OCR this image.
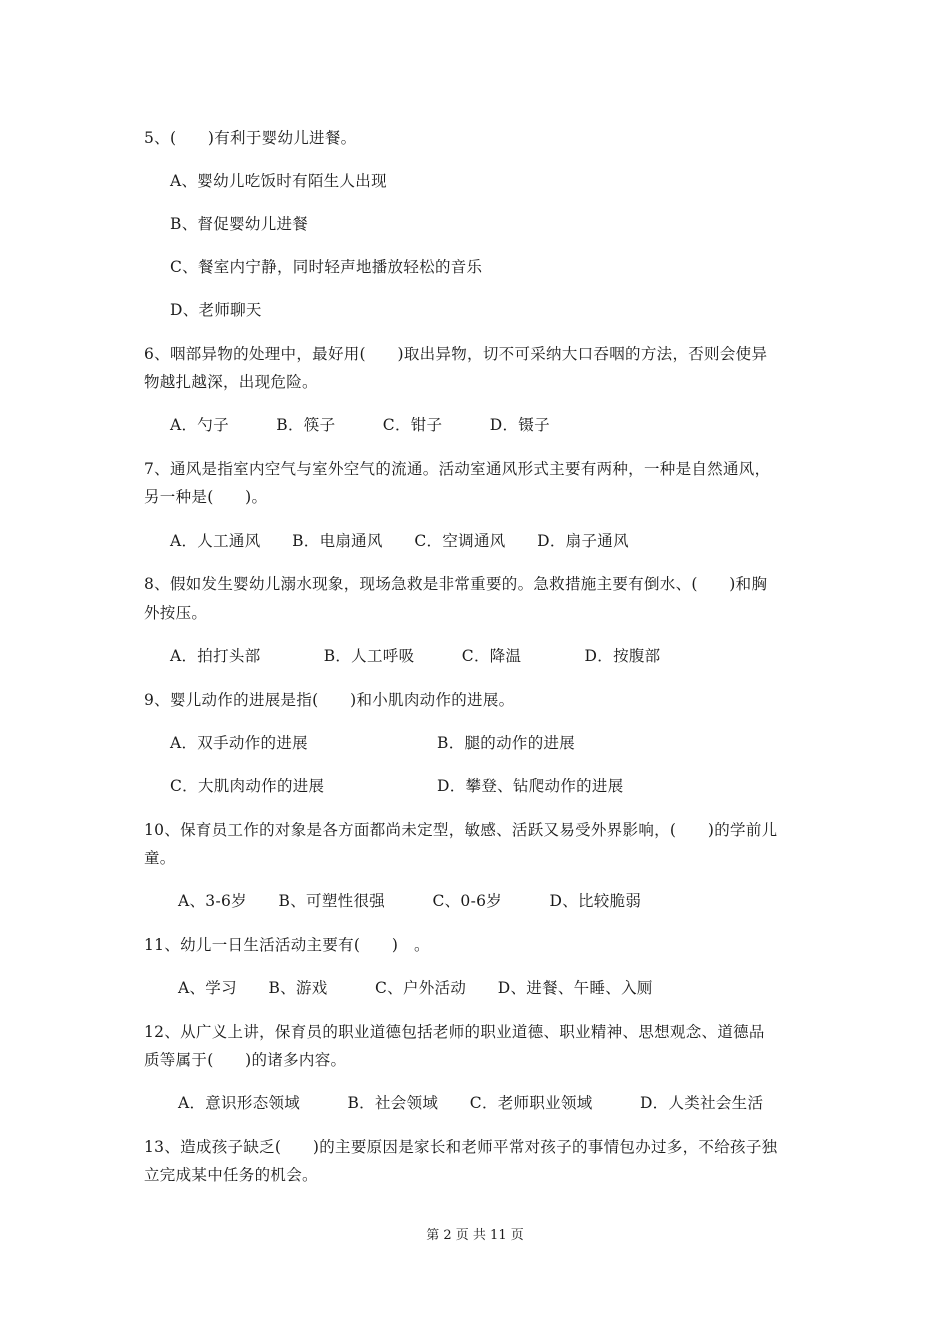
5、(　　)有利于婴幼儿进餐。
A、婴幼儿吃饭时有陌生人出现
B、督促婴幼儿进餐
C、餐室内宁静，同时轻声地播放轻松的音乐
D、老师聊天
6、咽部异物的处理中，最好用(　　)取出异物，切不可采纳大口吞咽的方法，否则会使异
物越扎越深，出现危险。
A．勺子　　　B．筷子　　　C．钳子　　　D．镊子
7、通风是指室内空气与室外空气的流通。活动室通风形式主要有两种，一种是自然通风，
另一种是(　　)。
A．人工通风　　B．电扇通风　　C．空调通风　　D．扇子通风
8、假如发生婴幼儿溺水现象，现场急救是非常重要的。急救措施主要有倒水、(　　)和胸
外按压。
A．拍打头部　　　　B．人工呼吸　　　C．降温　　　　D．按腹部
9、婴儿动作的进展是指(　　)和小肌肉动作的进展。
A．双手动作的进展	B．腿的动作的进展
C．大肌肉动作的进展	D．攀登、钻爬动作的进展
10、保育员工作的对象是各方面都尚未定型，敏感、活跃又易受外界影响，(　　)的学前儿
童。
A、3-6岁　　B、可塑性很强　　　C、0-6岁　　　D、比较脆弱
11、幼儿一日生活活动主要有(　　)　。
A、学习　　B、游戏　　　C、户外活动　　D、进餐、午睡、入厕
12、从广义上讲，保育员的职业道德包括老师的职业道德、职业精神、思想观念、道德品
质等属于(　　)的诸多内容。
A．意识形态领域　　　B．社会领域　　C．老师职业领域　　　D．人类社会生活
13、造成孩子缺乏(　　)的主要原因是家长和老师平常对孩子的事情包办过多，不给孩子独
立完成某中任务的机会。
第 2 页 共 11 页
